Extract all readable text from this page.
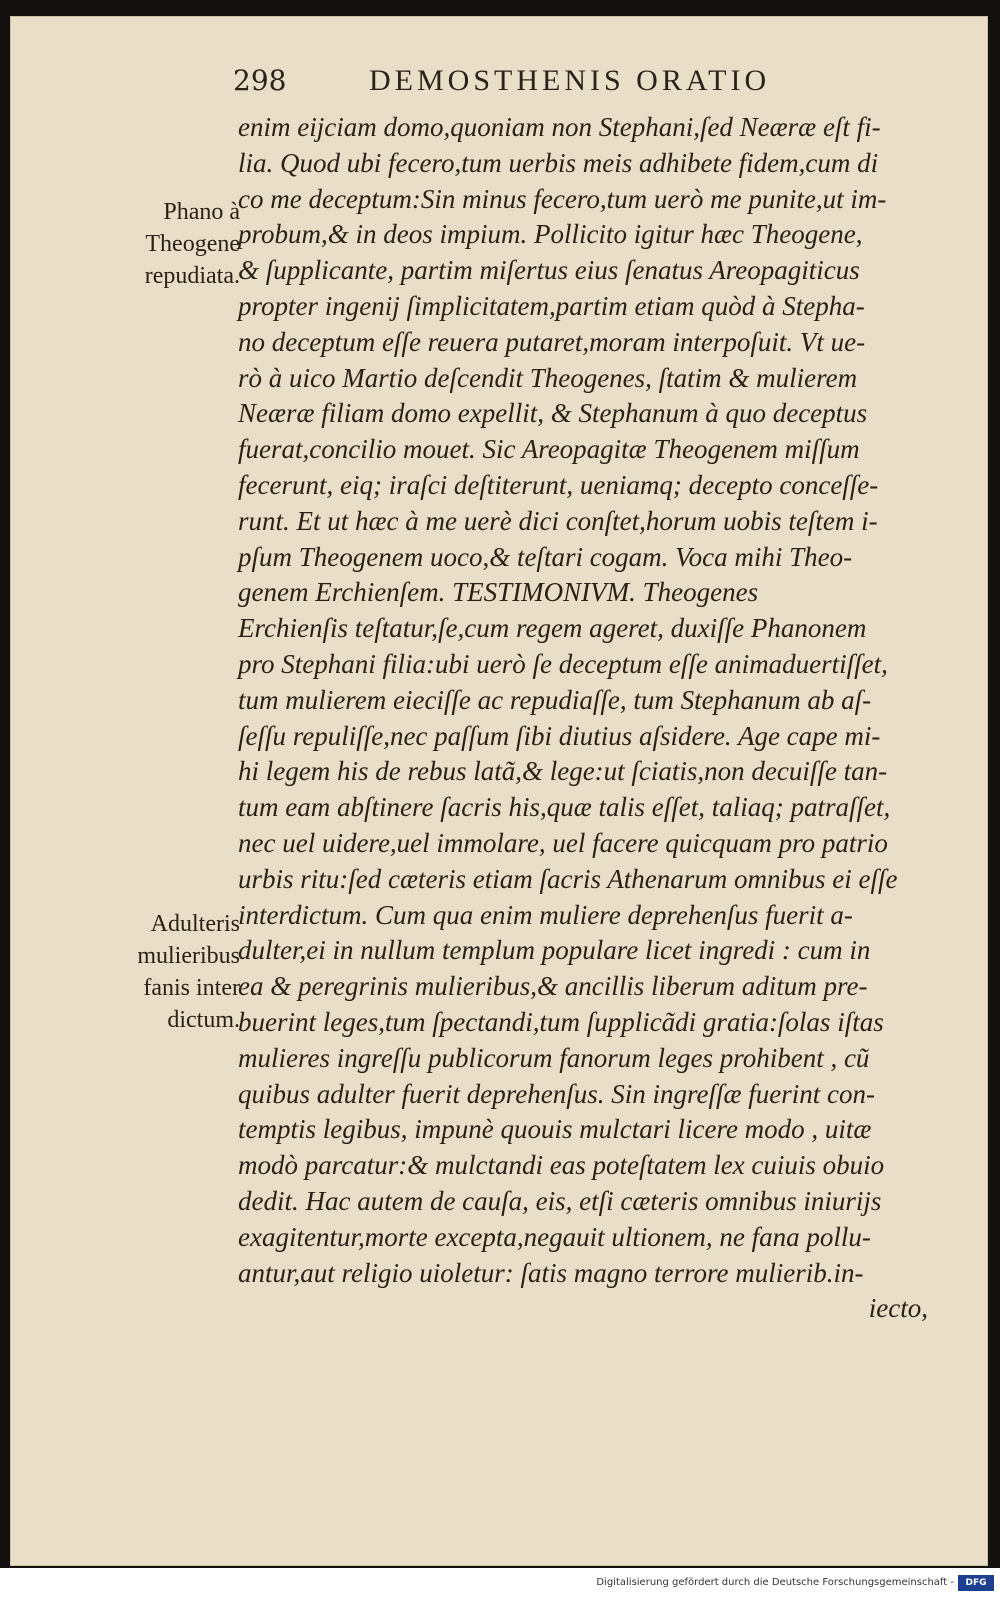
298	DEMOSTHENIS ORATIO
Phano à
Theogene
repudiata.
Adulteris
mulieribus
fanis inter
dictum.
enim eijciam domo,quoniam non Stephani,ſed Neæræ eſt fi-
lia. Quod ubi fecero,tum uerbis meis adhibete fidem,cum di
co me deceptum:Sin minus fecero,tum uerò me punite,ut im-
probum,& in deos impium. Pollicito igitur hæc Theogene,
& ſupplicante, partim miſertus eius ſenatus Areopagiticus
propter ingenij ſimplicitatem,partim etiam quòd à Stepha-
no deceptum eſſe reuera putaret,moram interpoſuit. Vt ue-
rò à uico Martio deſcendit Theogenes, ſtatim & mulierem
Neæræ filiam domo expellit, & Stephanum à quo deceptus
fuerat,concilio mouet. Sic Areopagitæ Theogenem miſſum
fecerunt, eiq; iraſci deſtiterunt, ueniamq; decepto conceſſe-
runt. Et ut hæc à me uerè dici conſtet,horum uobis teſtem i-
pſum Theogenem uoco,& teſtari cogam. Voca mihi Theo-
genem Erchienſem. TESTIMONIVM. Theogenes
Erchienſis teſtatur,ſe,cum regem ageret, duxiſſe Phanonem
pro Stephani filia:ubi uerò ſe deceptum eſſe animaduertiſſet,
tum mulierem eieciſſe ac repudiaſſe, tum Stephanum ab aſ-
ſeſſu repuliſſe,nec paſſum ſibi diutius aſsidere. Age cape mi-
hi legem his de rebus latã,& lege:ut ſciatis,non decuiſſe tan-
tum eam abſtinere ſacris his,quæ talis eſſet, taliaq; patraſſet,
nec uel uidere,uel immolare, uel facere quicquam pro patrio
urbis ritu:ſed cæteris etiam ſacris Athenarum omnibus ei eſſe
interdictum. Cum qua enim muliere deprehenſus fuerit a-
dulter,ei in nullum templum populare licet ingredi : cum in
ea & peregrinis mulieribus,& ancillis liberum aditum pre-
buerint leges,tum ſpectandi,tum ſupplicãdi gratia:ſolas iſtas
mulieres ingreſſu publicorum fanorum leges prohibent , cũ
quibus adulter fuerit deprehenſus. Sin ingreſſæ fuerint con-
temptis legibus, impunè quouis mulctari licere modo , uitæ
modò parcatur:& mulctandi eas poteſtatem lex cuiuis obuio
dedit. Hac autem de cauſa, eis, etſi cæteris omnibus iniurijs
exagitentur,morte excepta,negauit ultionem, ne fana pollu-
antur,aut religio uioletur: ſatis magno terrore mulierib.in-
iecto,
Digitalisierung gefördert durch die Deutsche Forschungsgemeinschaft -	DFG
